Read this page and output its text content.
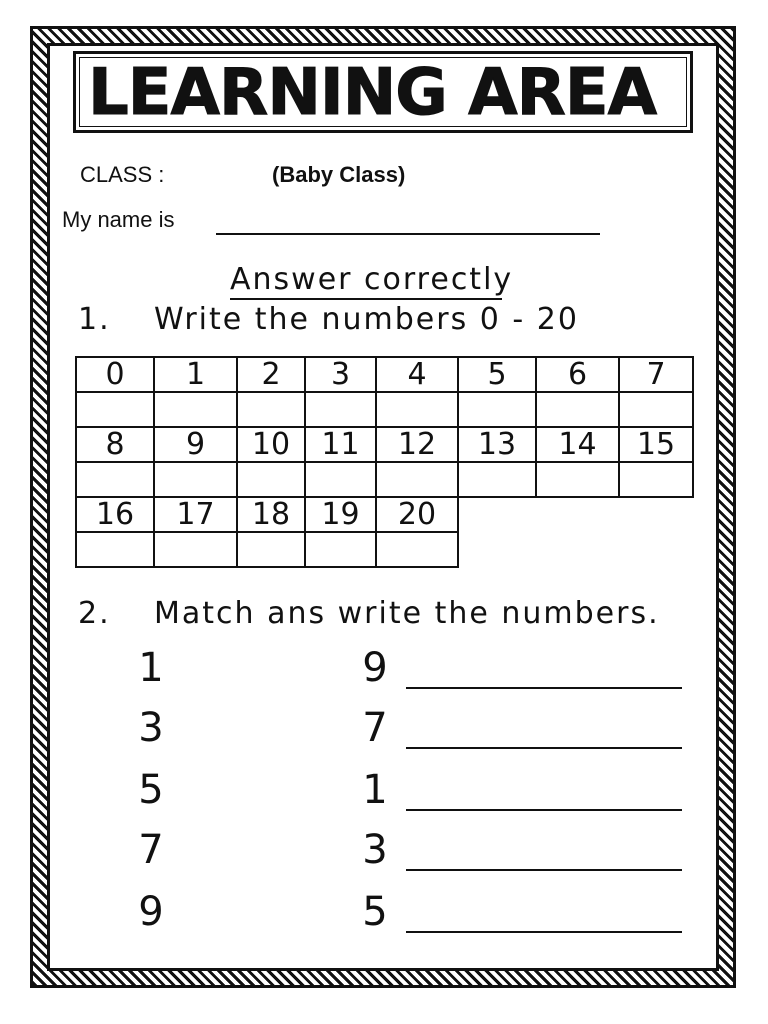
LEARNING AREA
CLASS :	(Baby Class)
My name is
Answer correctly
1. Write the numbers 0 - 20
0	1	2	3	4	5	6	7
8	9	10	11	12	13	14	15
16	17	18	19	20
2. Match ans write the numbers.
1	9
3	7
5	1
7	3
9	5
